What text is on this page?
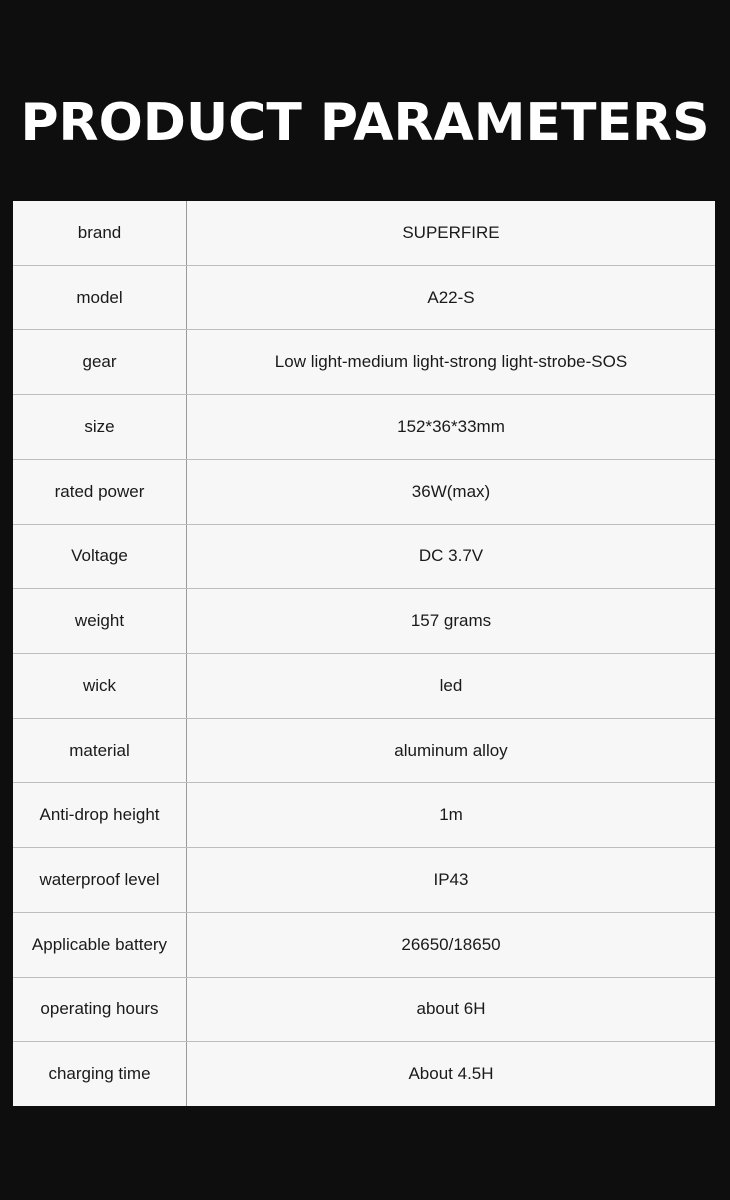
PRODUCT PARAMETERS
brand	SUPERFIRE
model	A22-S
gear	Low light-medium light-strong light-strobe-SOS
size	152*36*33mm
rated power	36W(max)
Voltage	DC 3.7V
weight	157 grams
wick	led
material	aluminum alloy
Anti-drop height	1m
waterproof level	IP43
Applicable battery	26650/18650
operating hours	about 6H
charging time	About 4.5H
